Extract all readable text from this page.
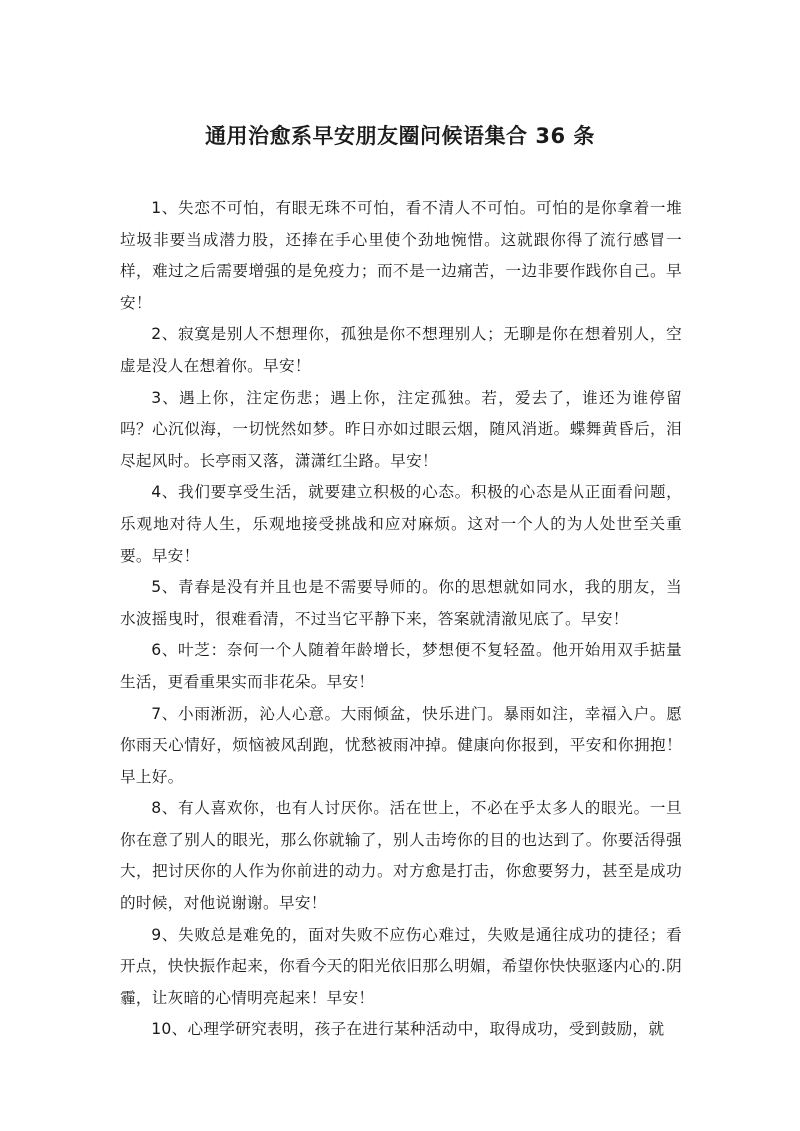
通用治愈系早安朋友圈问候语集合 36 条

1、失恋不可怕，有眼无珠不可怕，看不清人不可怕。可怕的是你拿着一堆垃圾非要当成潜力股，还捧在手心里使个劲地惋惜。这就跟你得了流行感冒一样，难过之后需要增强的是免疫力；而不是一边痛苦，一边非要作践你自己。早安！

2、寂寞是别人不想理你，孤独是你不想理别人；无聊是你在想着别人，空虚是没人在想着你。早安！

3、遇上你，注定伤悲；遇上你，注定孤独。若，爱去了，谁还为谁停留吗？心沉似海，一切恍然如梦。昨日亦如过眼云烟，随风消逝。蝶舞黄昏后，泪尽起风时。长亭雨又落，潇潇红尘路。早安！

4、我们要享受生活，就要建立积极的心态。积极的心态是从正面看问题，乐观地对待人生，乐观地接受挑战和应对麻烦。这对一个人的为人处世至关重要。早安！

5、青春是没有并且也是不需要导师的。你的思想就如同水，我的朋友，当水波摇曳时，很难看清，不过当它平静下来，答案就清澈见底了。早安！

6、叶芝：奈何一个人随着年龄增长，梦想便不复轻盈。他开始用双手掂量生活，更看重果实而非花朵。早安！

7、小雨淅沥，沁人心意。大雨倾盆，快乐进门。暴雨如注，幸福入户。愿你雨天心情好，烦恼被风刮跑，忧愁被雨冲掉。健康向你报到，平安和你拥抱！早上好。

8、有人喜欢你，也有人讨厌你。活在世上，不必在乎太多人的眼光。一旦你在意了别人的眼光，那么你就输了，别人击垮你的目的也达到了。你要活得强大，把讨厌你的人作为你前进的动力。对方愈是打击，你愈要努力，甚至是成功的时候，对他说谢谢。早安！

9、失败总是难免的，面对失败不应伤心难过，失败是通往成功的捷径；看开点，快快振作起来，你看今天的阳光依旧那么明媚，希望你快快驱逐内心的.阴霾，让灰暗的心情明亮起来！早安！

10、心理学研究表明，孩子在进行某种活动中，取得成功，受到鼓励，就
